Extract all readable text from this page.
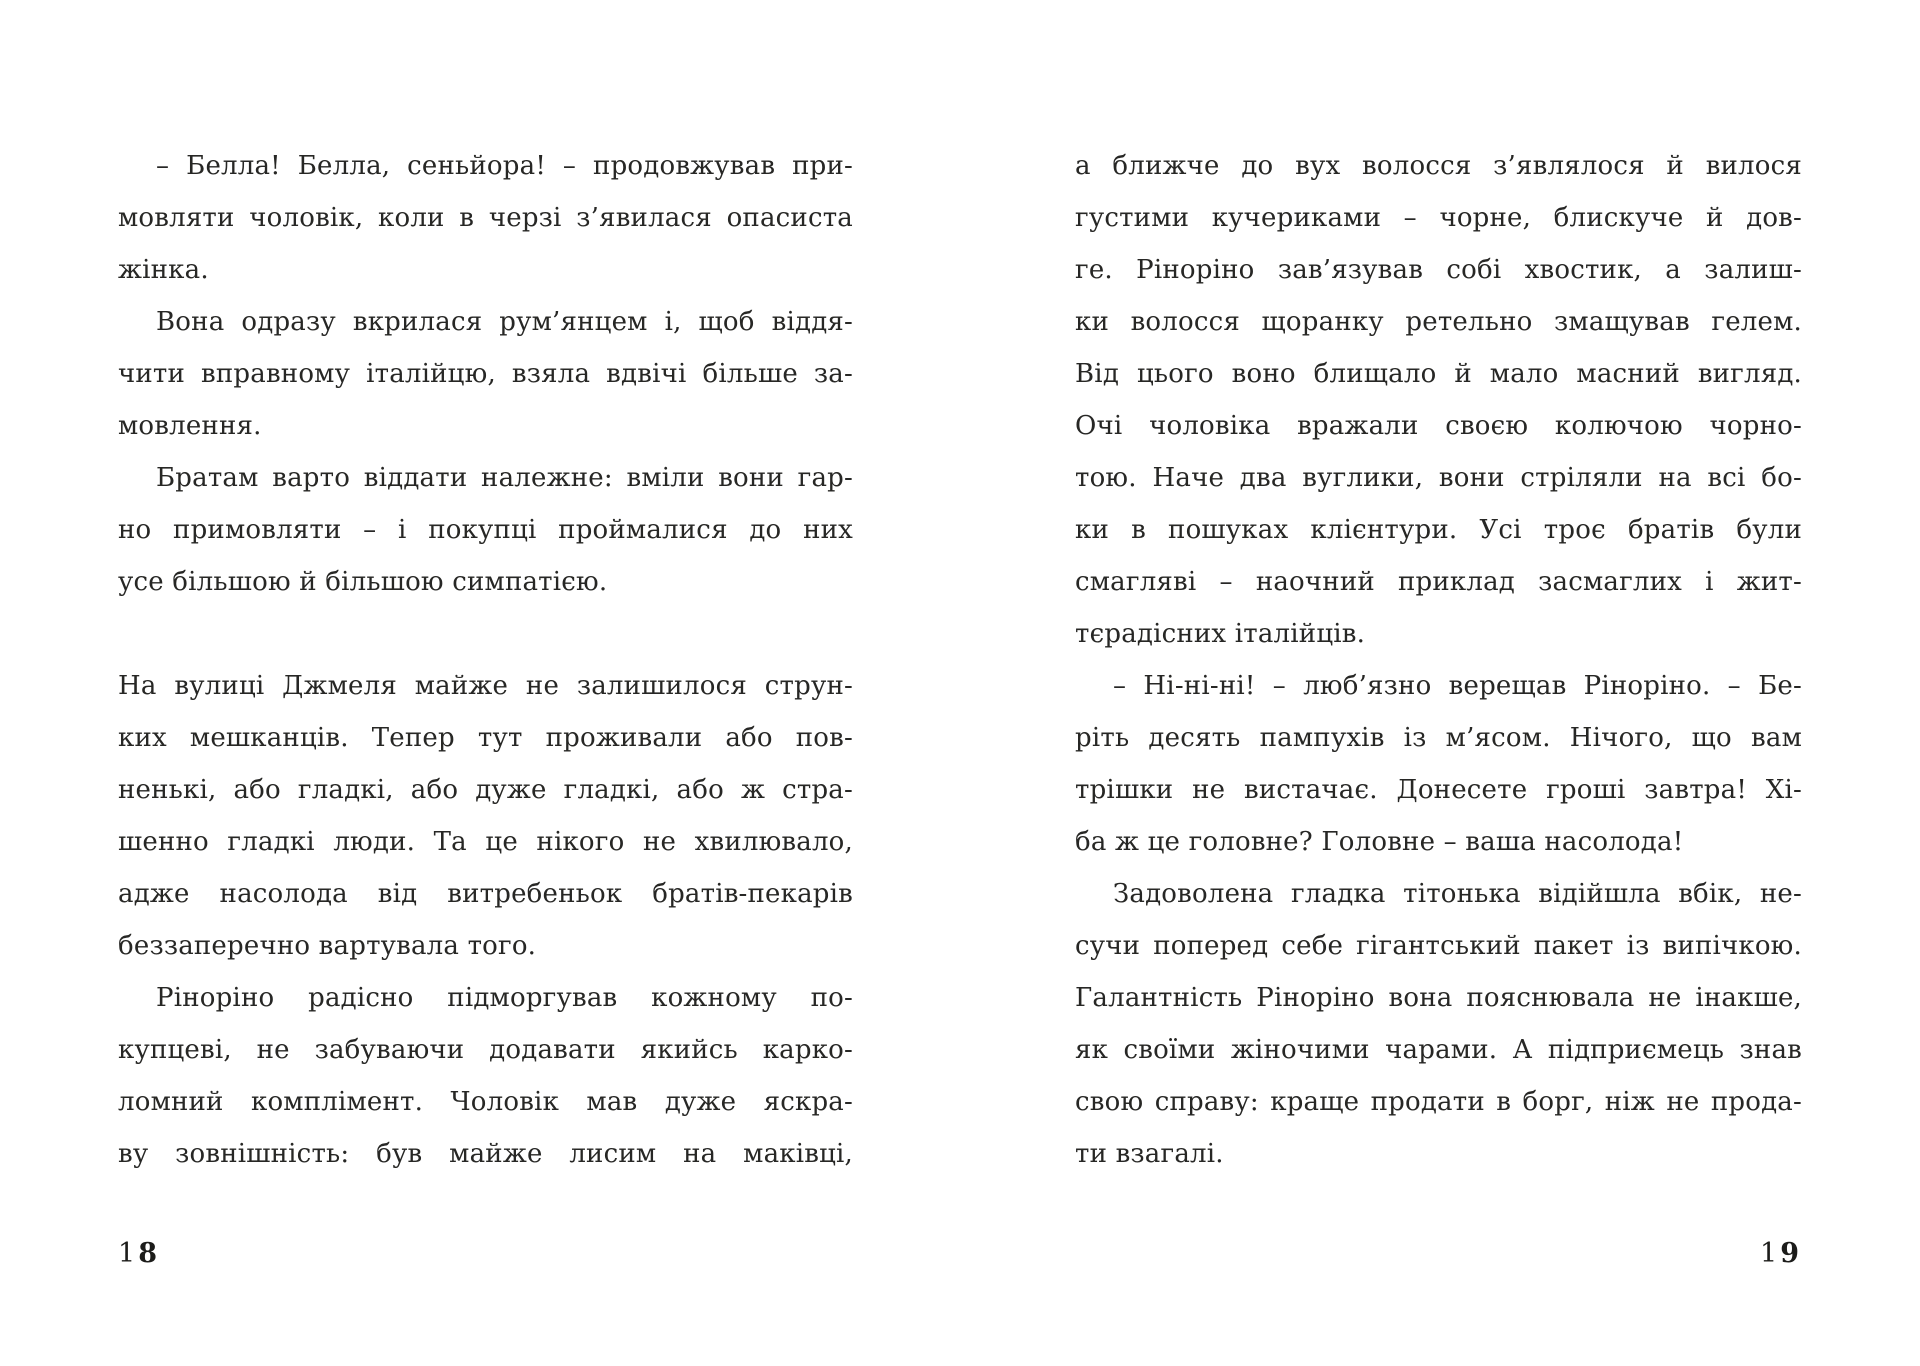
– Белла! Белла, сеньйора! – продовжував при-
мовляти чоловік, коли в черзі з’явилася опасиста
жінка.
Вона одразу вкрилася рум’янцем і, щоб віддя-
чити вправному італійцю, взяла вдвічі більше за-
мовлення.
Братам варто віддати належне: вміли вони гар-
но примовляти – і покупці проймалися до них
усе більшою й більшою симпатією.
На вулиці Джмеля майже не залишилося струн-
ких мешканців. Тепер тут проживали або пов-
ненькі, або гладкі, або дуже гладкі, або ж стра-
шенно гладкі люди. Та це нікого не хвилювало,
адже насолода від витребеньок братів-пекарів
беззаперечно вартувала того.
Ріноріно радісно підморгував кожному по-
купцеві, не забуваючи додавати якийсь карко-
ломний комплімент. Чоловік мав дуже яскра-
ву зовнішність: був майже лисим на маківці,
18
а ближче до вух волосся з’являлося й вилося
густими кучериками – чорне, блискуче й дов-
ге. Ріноріно зав’язував собі хвостик, а залиш-
ки волосся щоранку ретельно змащував гелем.
Від цього воно блищало й мало масний вигляд.
Очі чоловіка вражали своєю колючою чорно-
тою. Наче два вуглики, вони стріляли на всі бо-
ки в пошуках клієнтури. Усі троє братів були
смагляві – наочний приклад засмаглих і жит-
тєрадісних італійців.
– Ні-ні-ні! – люб’язно верещав Ріноріно. – Бе-
ріть десять пампухів із м’ясом. Нічого, що вам
трішки не вистачає. Донесете гроші завтра! Хі-
ба ж це головне? Головне – ваша насолода!
Задоволена гладка тітонька відійшла вбік, не-
сучи поперед себе гігантський пакет із випічкою.
Галантність Ріноріно вона пояснювала не інакше,
як своїми жіночими чарами. А підприємець знав
свою справу: краще продати в борг, ніж не прода-
ти взагалі.
19
